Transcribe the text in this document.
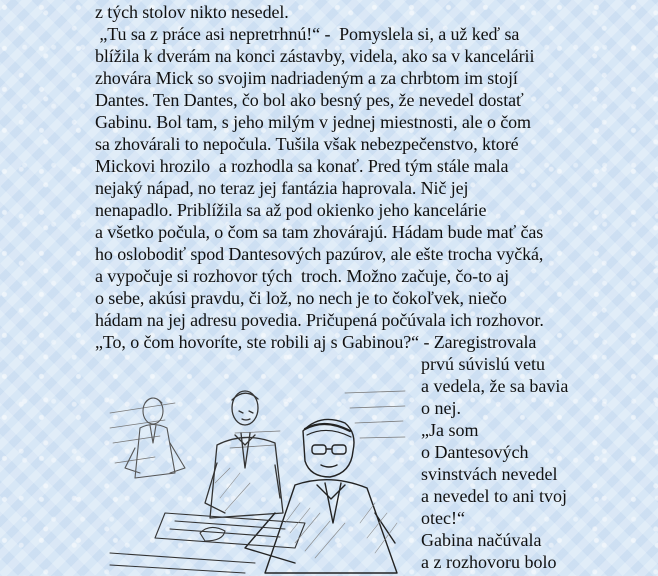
z tých stolov nikto nesedel.
„Tu sa z práce asi nepretrhnú!“ -  Pomyslela si, a už keď sa
blížila k dverám na konci zástavby, videla, ako sa v kancelárii
zhovára Mick so svojim nadriadeným a za chrbtom im stojí
Dantes. Ten Dantes, čo bol ako besný pes, že nevedel dostať
Gabinu. Bol tam, s jeho milým v jednej miestnosti, ale o čom
sa zhovárali to nepočula. Tušila však nebezpečenstvo, ktoré
Mickovi hrozilo  a rozhodla sa konať. Pred tým stále mala
nejaký nápad, no teraz jej fantázia haprovala. Nič jej
nenapadlo. Priblížila sa až pod okienko jeho kancelárie
a všetko počula, o čom sa tam zhovárajú. Hádam bude mať čas
ho oslobodiť spod Dantesových pazúrov, ale ešte trocha vyčká,
a vypočuje si rozhovor tých  troch. Možno začuje, čo-to aj
o sebe, akúsi pravdu, či lož, no nech je to čokoľvek, niečo
hádam na jej adresu povedia. Pričupená počúvala ich rozhovor.
„To, o čom hovoríte, ste robili aj s Gabinou?“ - Zaregistrovala
prvú súvislú vetu
a vedela, že sa bavia
o nej.
„Ja som
o Dantesových
svinstvách nevedel
a nevedel to ani tvoj
otec!“
Gabina načúvala
a z rozhovoru bolo
